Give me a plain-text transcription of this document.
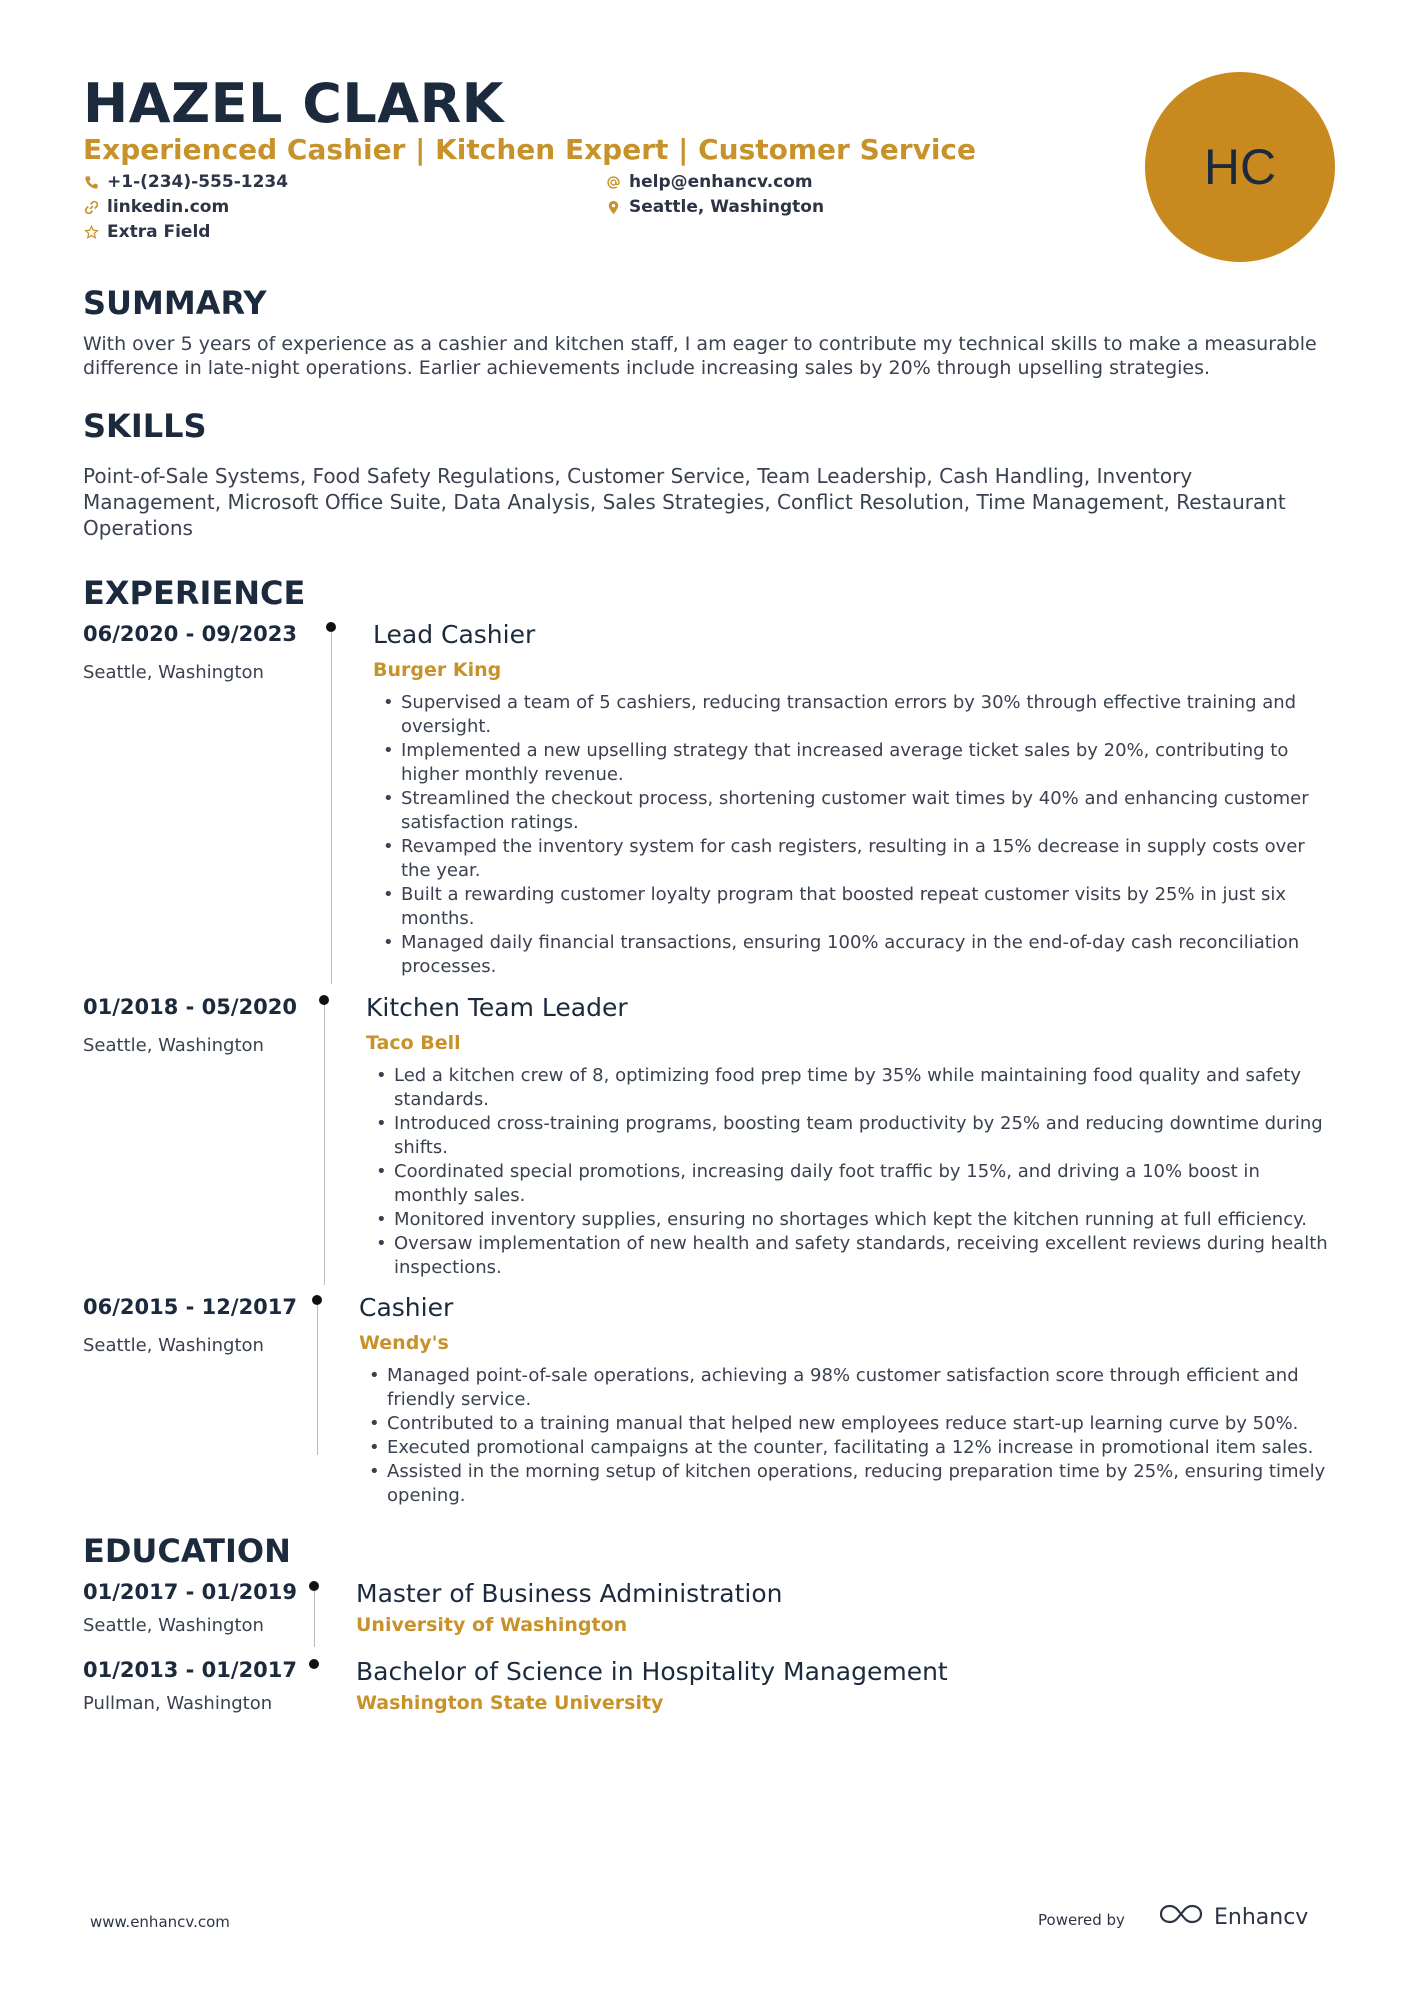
HAZEL CLARK
Experienced Cashier | Kitchen Expert | Customer Service
+1-(234)-555-1234
linkedin.com
Extra Field
help@enhancv.com
Seattle, Washington
HC
SUMMARY
With over 5 years of experience as a cashier and kitchen staff, I am eager to contribute my technical skills to make a measurable difference in late-night operations. Earlier achievements include increasing sales by 20% through upselling strategies.
SKILLS
Point-of-Sale Systems, Food Safety Regulations, Customer Service, Team Leadership, Cash Handling, Inventory Management, Microsoft Office Suite, Data Analysis, Sales Strategies, Conflict Resolution, Time Management, Restaurant Operations
EXPERIENCE
06/2020 - 09/2023
Seattle, Washington
Lead Cashier
Burger King
• Supervised a team of 5 cashiers, reducing transaction errors by 30% through effective training and oversight.
• Implemented a new upselling strategy that increased average ticket sales by 20%, contributing to higher monthly revenue.
• Streamlined the checkout process, shortening customer wait times by 40% and enhancing customer satisfaction ratings.
• Revamped the inventory system for cash registers, resulting in a 15% decrease in supply costs over the year.
• Built a rewarding customer loyalty program that boosted repeat customer visits by 25% in just six months.
• Managed daily financial transactions, ensuring 100% accuracy in the end-of-day cash reconciliation processes.
01/2018 - 05/2020
Seattle, Washington
Kitchen Team Leader
Taco Bell
• Led a kitchen crew of 8, optimizing food prep time by 35% while maintaining food quality and safety standards.
• Introduced cross-training programs, boosting team productivity by 25% and reducing downtime during shifts.
• Coordinated special promotions, increasing daily foot traffic by 15%, and driving a 10% boost in monthly sales.
• Monitored inventory supplies, ensuring no shortages which kept the kitchen running at full efficiency.
• Oversaw implementation of new health and safety standards, receiving excellent reviews during health inspections.
06/2015 - 12/2017
Seattle, Washington
Cashier
Wendy's
• Managed point-of-sale operations, achieving a 98% customer satisfaction score through efficient and friendly service.
• Contributed to a training manual that helped new employees reduce start-up learning curve by 50%.
• Executed promotional campaigns at the counter, facilitating a 12% increase in promotional item sales.
• Assisted in the morning setup of kitchen operations, reducing preparation time by 25%, ensuring timely opening.
EDUCATION
01/2017 - 01/2019
Seattle, Washington
Master of Business Administration
University of Washington
01/2013 - 01/2017
Pullman, Washington
Bachelor of Science in Hospitality Management
Washington State University
www.enhancv.com	Powered by	Enhancv
